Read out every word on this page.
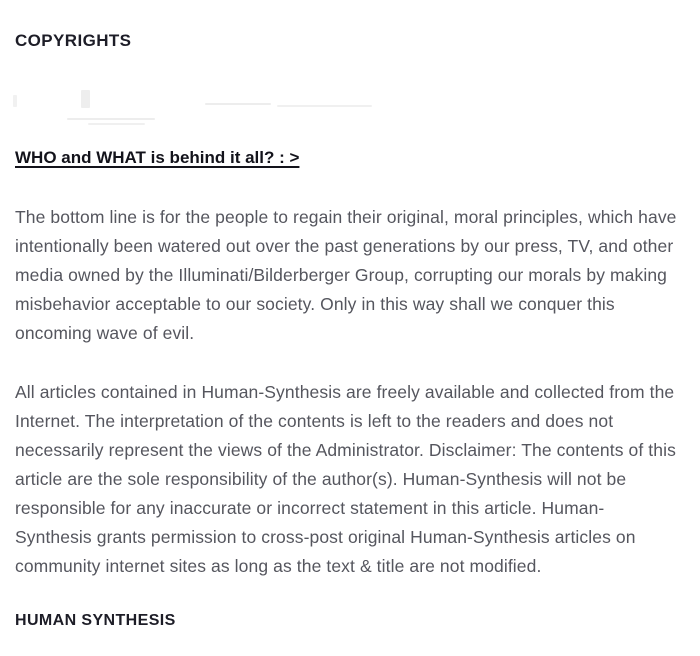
COPYRIGHTS
WHO and WHAT is behind it all? : >

The bottom line is for the people to regain their original, moral principles, which have intentionally been watered out over the past generations by our press, TV, and other media owned by the Illuminati/Bilderberger Group, corrupting our morals by making misbehavior acceptable to our society. Only in this way shall we conquer this oncoming wave of evil.

All articles contained in Human-Synthesis are freely available and collected from the Internet. The interpretation of the contents is left to the readers and does not necessarily represent the views of the Administrator. Disclaimer: The contents of this article are the sole responsibility of the author(s). Human-Synthesis will not be responsible for any inaccurate or incorrect statement in this article. Human-Synthesis grants permission to cross-post original Human-Synthesis articles on community internet sites as long as the text & title are not modified.

HUMAN SYNTHESIS
